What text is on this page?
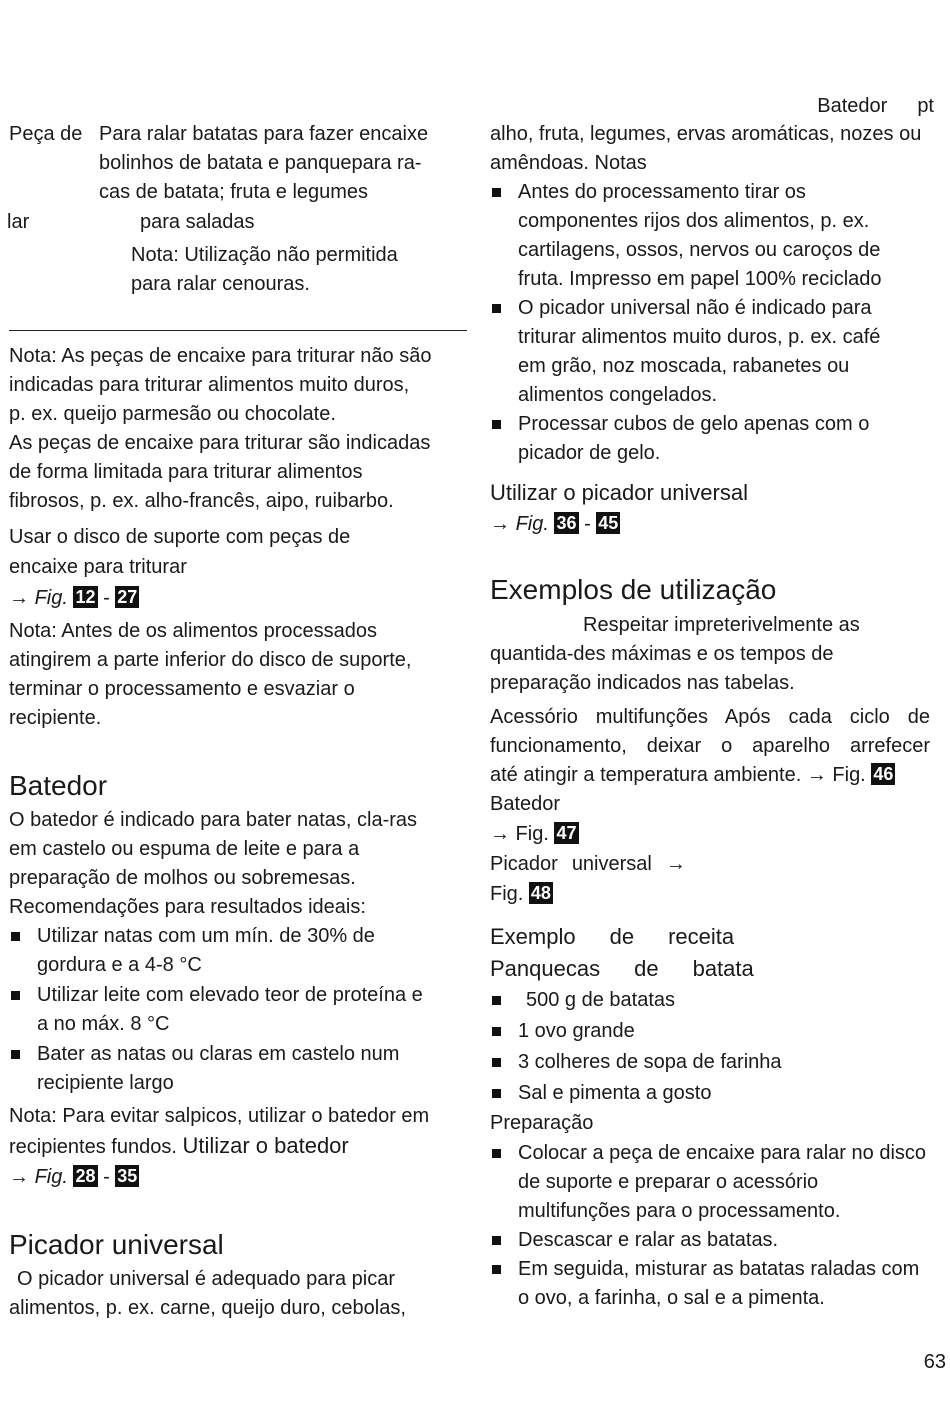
Batedor pt
Peça de
lar
Para ralar batatas para fazer encaixe
bolinhos de batata e panquepara ra-
cas de batata; fruta e legumes
para saladas
Nota: Utilização não permitida
para ralar cenouras.

Nota: As peças de encaixe para triturar não são

indicadas para triturar alimentos muito duros,

p. ex. queijo parmesão ou chocolate.

As peças de encaixe para triturar são indicadas

de forma limitada para triturar alimentos

fibrosos, p. ex. alho-francês, aipo, ruibarbo.

Usar o disco de suporte com peças de

encaixe para triturar

→ Fig. 12 - 27

Nota: Antes de os alimentos processados

atingirem a parte inferior do disco de suporte,

terminar o processamento e esvaziar o

recipiente.

Batedor

O batedor é indicado para bater natas, cla-ras

em castelo ou espuma de leite e para a

preparação de molhos ou sobremesas.

Recomendações para resultados ideais:

Utilizar natas com um mín. de 30% de
gordura e a 4-8 °C
Utilizar leite com elevado teor de proteína e
a no máx. 8 °C
Bater as natas ou claras em castelo num
recipiente largo

Nota: Para evitar salpicos, utilizar o batedor em

recipientes fundos. Utilizar o batedor

→ Fig. 28 - 35

Picador universal

O picador universal é adequado para picar

alimentos, p. ex. carne, queijo duro, cebolas,

alho, fruta, legumes, ervas aromáticas, nozes ou

amêndoas. Notas

Antes do processamento tirar os
componentes rijos dos alimentos, p. ex.
cartilagens, ossos, nervos ou caroços de
fruta. Impresso em papel 100% reciclado
O picador universal não é indicado para
triturar alimentos muito duros, p. ex. café
em grão, noz moscada, rabanetes ou
alimentos congelados.
Processar cubos de gelo apenas com o
picador de gelo.

Utilizar o picador universal

→ Fig. 36 - 45

Exemplos de utilização

Respeitar impreterivelmente as

quantida-des máximas e os tempos de

preparação indicados nas tabelas.

Acessório multifunções Após cada ciclo de

funcionamento, deixar o aparelho arrefecer

até atingir a temperatura ambiente. → Fig. 46

Batedor

→ Fig. 47

Picador universal →

Fig. 48

Exemplo de receita

Panquecas de batata

500 g de batatas
1 ovo grande
3 colheres de sopa de farinha
Sal e pimenta a gosto

Preparação

Colocar a peça de encaixe para ralar no disco
de suporte e preparar o acessório
multifunções para o processamento.
Descascar e ralar as batatas.
Em seguida, misturar as batatas raladas com
o ovo, a farinha, o sal e a pimenta.
63
